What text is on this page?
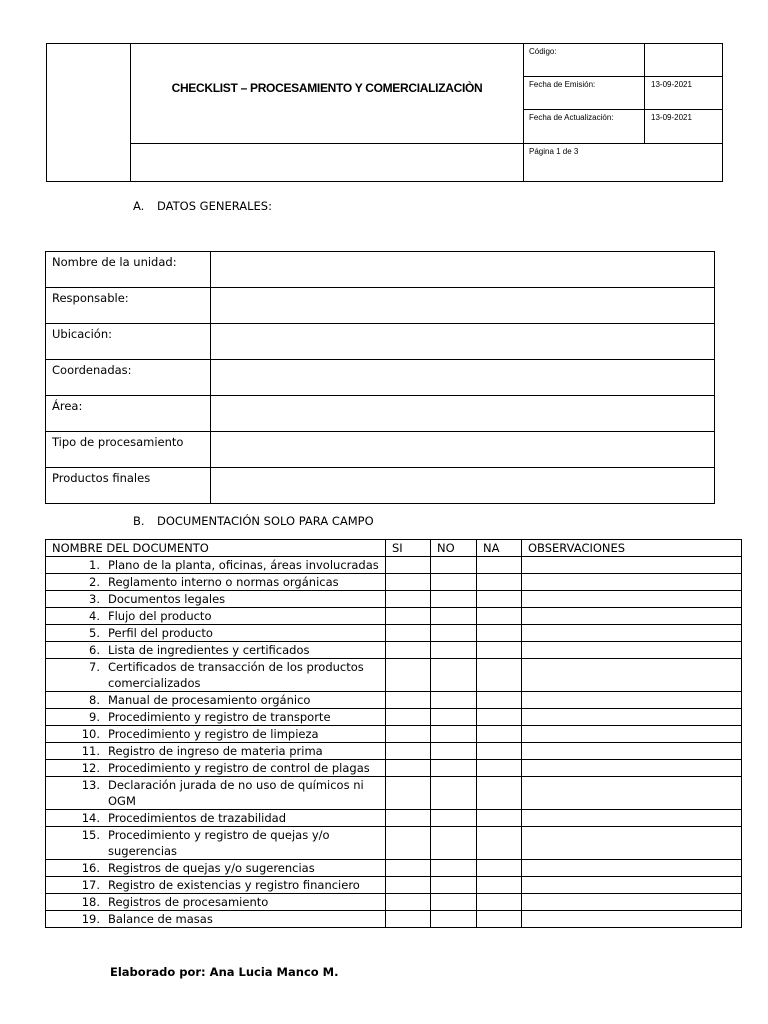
	CHECKLIST – PROCESAMIENTO Y COMERCIALIZACIÒN	Código:	
		Fecha de Emisión:	13-09-2021
		Fecha de Actualización:	13-09-2021
		Página 1 de 3	
A. DATOS GENERALES:
Nombre de la unidad:	
Responsable:	
Ubicación:	
Coordenadas:	
Área:	
Tipo de procesamiento	
Productos finales	
B. DOCUMENTACIÓN SOLO PARA CAMPO
NOMBRE DEL DOCUMENTO	SI	NO	NA	OBSERVACIONES

1. Plano de la planta, oficinas, áreas involucradas				

2. Reglamento interno o normas orgánicas				

3. Documentos legales				

4. Flujo del producto				

5. Perfil del producto				

6. Lista de ingredientes y certificados				

7. Certificados de transacción de los productos comercializados				

8. Manual de procesamiento orgánico				

9. Procedimiento y registro de transporte				

10. Procedimiento y registro de limpieza				

11. Registro de ingreso de materia prima				

12. Procedimiento y registro de control de plagas				

13. Declaración jurada de no uso de químicos ni OGM				

14. Procedimientos de trazabilidad				

15. Procedimiento y registro de quejas y/o sugerencias				

16. Registros de quejas y/o sugerencias				

17. Registro de existencias y registro financiero				

18. Registros de procesamiento				

19. Balance de masas				

Elaborado por: Ana Lucia Manco M.
